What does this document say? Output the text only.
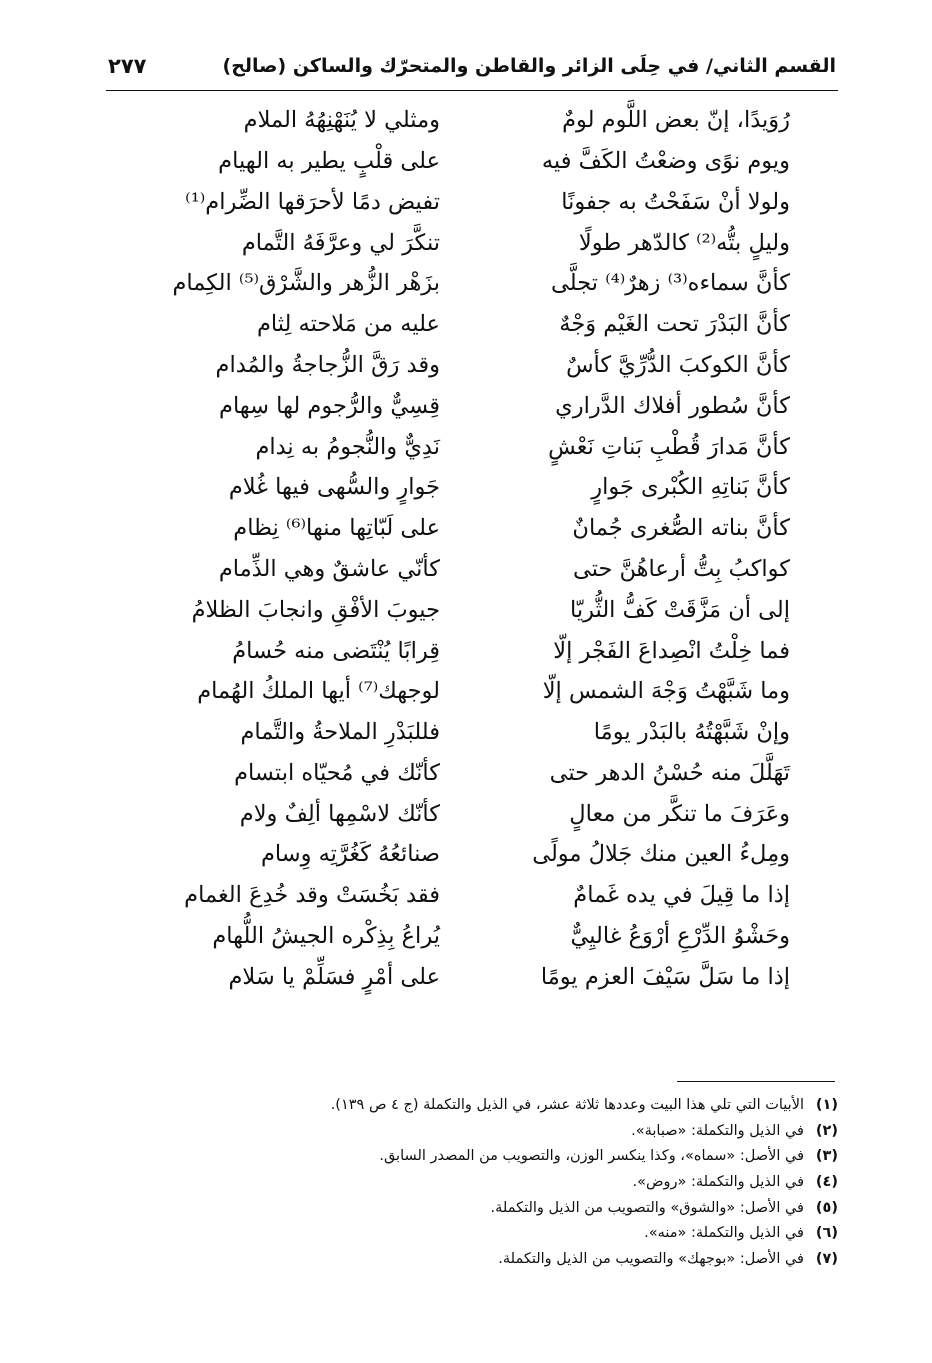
القسم الثاني/ في حِلَى الزائر والقاطن والمتحرّك والساكن (صالح)
٢٧٧
رُوَيدًا، إنّ بعض اللَّوم لومٌ
ومثلي لا يُنَهْنِهُهُ الملام
ويوم نوًى وضعْتُ الكَفَّ فيه
على قلْبٍ يطير به الهيام
ولولا أنْ سَفَحْتُ به جفونًا
تفيض دمًا لأحرَقها الضِّرام⁽¹⁾
وليلٍ بتُّه⁽²⁾ كالدّهر طولًا
تنكَّرَ لي وعرَّفَهُ التَّمام
كأنَّ سماءه⁽³⁾ زهرٌ⁽⁴⁾ تجلَّى
بزَهْر الزُّهر والشَّرْق⁽⁵⁾ الكِمام
كأنَّ البَدْرَ تحت الغَيْم وَجْهٌ
عليه من مَلاحته لِثام
كأنَّ الكوكبَ الدُّرِّيَّ كأسٌ
وقد رَقَّ الزُّجاجةُ والمُدام
كأنَّ سُطور أفلاك الدَّراري
قِسِيٌّ والرُّجوم لها سِهام
كأنَّ مَدارَ قُطْبِ بَناتِ نَعْشٍ
نَدِيٌّ والنُّجومُ به نِدام
كأنَّ بَناتِهِ الكُبْرى جَوارٍ
جَوارٍ والسُّهى فيها غُلام
كأنَّ بناته الصُّغرى جُمانٌ
على لَبّاتِها منها⁽⁶⁾ نِظام
كواكبُ بِتُّ أرعاهُنَّ حتى
كأنّي عاشقٌ وهي الذِّمام
إلى أن مَزَّقَتْ كَفُّ الثُّريّا
جيوبَ الأفْقِ وانجابَ الظلامُ
فما خِلْتُ انْصِداعَ الفَجْر إلّا
قِرابًا يُنْتَضى منه حُسامُ
وما شَبَّهْتُ وَجْهَ الشمس إلّا
لوجهك⁽⁷⁾ أيها الملكُ الهُمام
وإنْ شَبَّهْتُهُ بالبَدْر يومًا
فللبَدْرِ الملاحةُ والتَّمام
تَهَلَّلَ منه حُسْنُ الدهر حتى
كأنّك في مُحيّاه ابتسام
وعَرَفَ ما تنكَّر من معالٍ
كأنّك لاسْمِها ألِفٌ ولام
ومِلءُ العين منك جَلالُ مولًى
صنائعُهُ كَغُرَّتِه وِسام
إذا ما قِيلَ في يده غَمامٌ
فقد بَخُسَتْ وقد خُدِعَ الغمام
وحَشْوُ الدِّرْعِ أرْوَعُ غاليِيٌّ
يُراعُ بِذِكْره الجيشُ اللُّهام
إذا ما سَلَّ سَيْفَ العزم يومًا
على أمْرٍ فسَلِّمْ يا سَلام
(١)
الأبيات التي تلي هذا البيت وعددها ثلاثة عشر، في الذيل والتكملة (ج ٤ ص ١٣٩).
(٢)
في الذيل والتكملة: «صبابة».
(٣)
في الأصل: «سماه»، وكذا ينكسر الوزن، والتصويب من المصدر السابق.
(٤)
في الذيل والتكملة: «روض».
(٥)
في الأصل: «والشوق» والتصويب من الذيل والتكملة.
(٦)
في الذيل والتكملة: «منه».
(٧)
في الأصل: «بوجهك» والتصويب من الذيل والتكملة.
